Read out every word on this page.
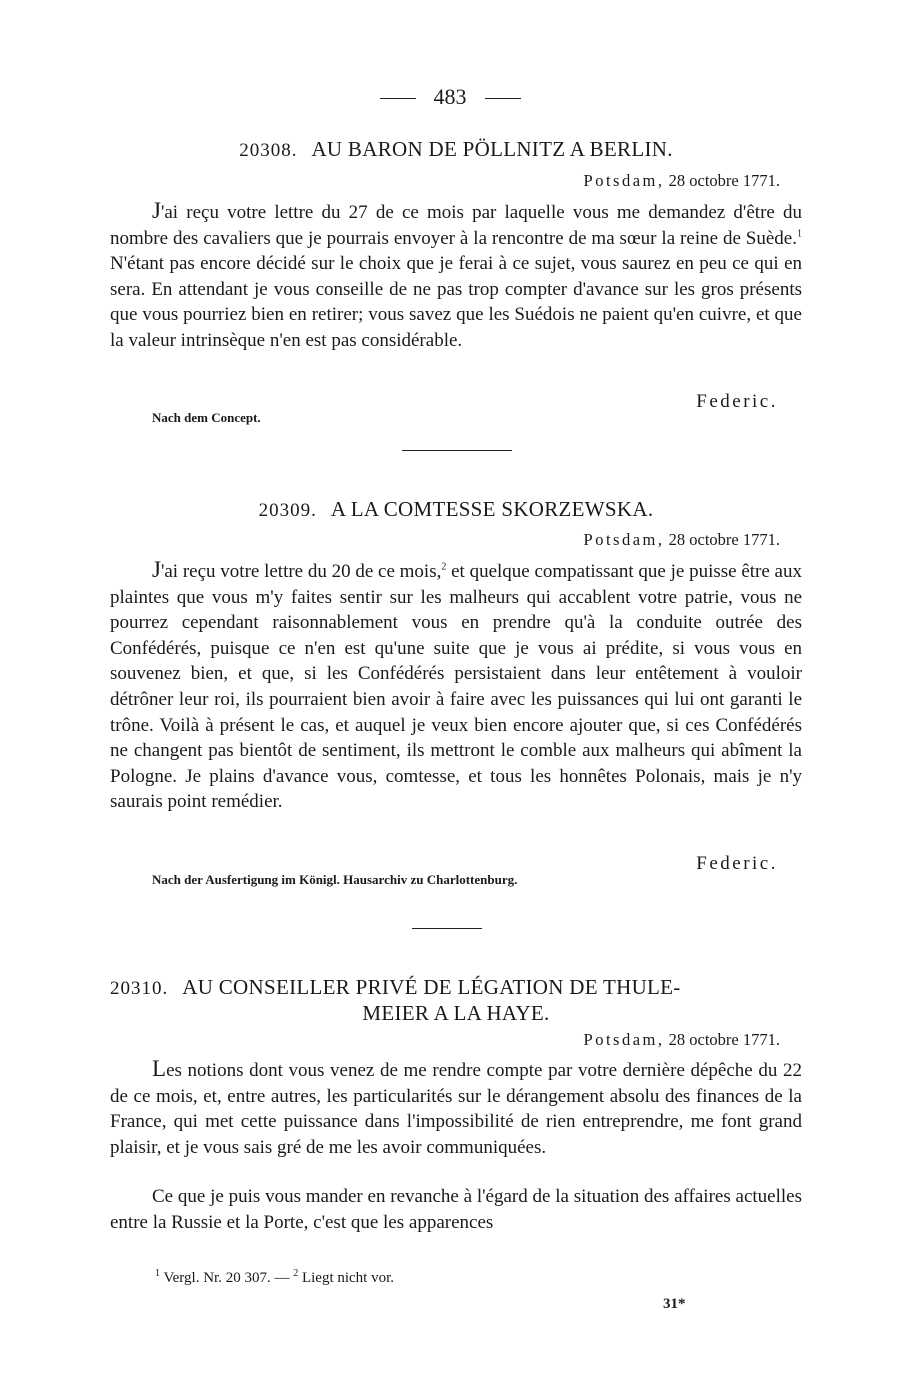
483
20308. AU BARON DE PÖLLNITZ A BERLIN.
Potsdam, 28 octobre 1771.
J'ai reçu votre lettre du 27 de ce mois par laquelle vous me demandez d'être du nombre des cavaliers que je pourrais envoyer à la rencontre de ma sœur la reine de Suède.$^1$ N'étant pas encore décidé sur le choix que je ferai à ce sujet, vous saurez en peu ce qui en sera. En attendant je vous conseille de ne pas trop compter d'avance sur les gros présents que vous pourriez bien en retirer; vous savez que les Suédois ne paient qu'en cuivre, et que la valeur intrinsèque n'en est pas considérable.
Federic.
Nach dem Concept.
20309. A LA COMTESSE SKORZEWSKA.
Potsdam, 28 octobre 1771.
J'ai reçu votre lettre du 20 de ce mois,$^2$ et quelque compatissant que je puisse être aux plaintes que vous m'y faites sentir sur les malheurs qui accablent votre patrie, vous ne pourrez cependant raisonnablement vous en prendre qu'à la conduite outrée des Confédérés, puisque ce n'en est qu'une suite que je vous ai prédite, si vous vous en souvenez bien, et que, si les Confédérés persistaient dans leur entêtement à vouloir détrôner leur roi, ils pourraient bien avoir à faire avec les puissances qui lui ont garanti le trône. Voilà à présent le cas, et auquel je veux bien encore ajouter que, si ces Confédérés ne changent pas bientôt de sentiment, ils mettront le comble aux malheurs qui abîment la Pologne. Je plains d'avance vous, comtesse, et tous les honnêtes Polonais, mais je n'y saurais point remédier.
Federic.
Nach der Ausfertigung im Königl. Hausarchiv zu Charlottenburg.
20310. AU CONSEILLER PRIVÉ DE LÉGATION DE THULE-
MEIER A LA HAYE.
Potsdam, 28 octobre 1771.
Les notions dont vous venez de me rendre compte par votre dernière dépêche du 22 de ce mois, et, entre autres, les particularités sur le dérangement absolu des finances de la France, qui met cette puissance dans l'impossibilité de rien entreprendre, me font grand plaisir, et je vous sais gré de me les avoir communiquées.
Ce que je puis vous mander en revanche à l'égard de la situation des affaires actuelles entre la Russie et la Porte, c'est que les apparences
$^1$ Vergl. Nr. 20 307. — $^2$ Liegt nicht vor.
31*
